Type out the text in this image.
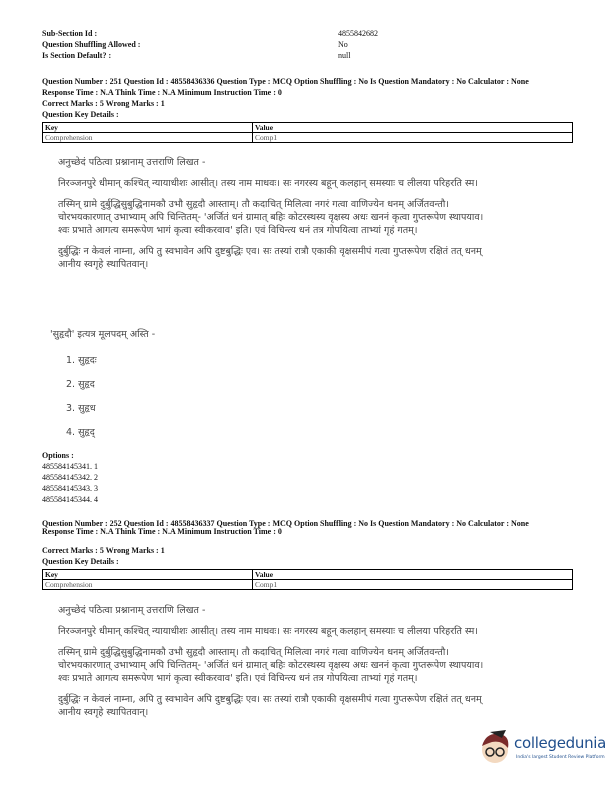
Sub-Section Id :	4855842682
Question Shuffling Allowed :	No
Is Section Default? :	null
Question Number : 251 Question Id : 48558436336 Question Type : MCQ Option Shuffling : No Is Question Mandatory : No Calculator : None
Response Time : N.A Think Time : N.A Minimum Instruction Time : 0
Correct Marks : 5 Wrong Marks : 1
Question Key Details :
Key	Value
Comprehension	Comp1

अनुच्छेदं पठित्वा प्रश्नानाम् उत्तराणि लिखत -

निरञ्जनपुरे धीमान् कश्चित् न्यायाधीशः आसीत्। तस्य नाम माधवः। सः नगरस्य बहून् कलहान् समस्याः च लीलया परिहरति स्म।

तस्मिन् ग्रामे दुर्बुद्धिसुबुद्धिनामकौ उभौ सुहृदौ आस्ताम्। तौ कदाचित् मिलित्वा नगरं गत्वा वाणिज्येन धनम् अर्जितवन्तौ। चोरभयकारणात् उभाभ्याम् अपि चिन्तितम्- 'अर्जितं धनं ग्रामात् बहिः कोटरस्थस्य वृक्षस्य अधः खननं कृत्वा गुप्तरूपेण स्थापयाव। श्वः प्रभाते आगत्य समरूपेण भागं कृत्वा स्वीकरवाव' इति। एवं विचिन्त्य धनं तत्र गोपयित्वा ताभ्यां गृहं गतम्।

दुर्बुद्धिः न केवलं नाम्ना, अपि तु स्वभावेन अपि दुष्टबुद्धिः एव। सः तस्यां रात्रौ एकाकी वृक्षसमीपं गत्वा गुप्तरूपेण रक्षितं तत् धनम् आनीय स्वगृहे स्थापितवान्।

'सुहृदौ' इत्यत्र मूलपदम् अस्ति -
1. सुहृदः
2. सुहृद
3. सुहृध
4. सुहृद्
Options :
485584145341. 1
485584145342. 2
485584145343. 3
485584145344. 4
Question Number : 252 Question Id : 48558436337 Question Type : MCQ Option Shuffling : No Is Question Mandatory : No Calculator : None
Response Time : N.A Think Time : N.A Minimum Instruction Time : 0
Correct Marks : 5 Wrong Marks : 1
Question Key Details :
Key	Value
Comprehension	Comp1

अनुच्छेदं पठित्वा प्रश्नानाम् उत्तराणि लिखत -

निरञ्जनपुरे धीमान् कश्चित् न्यायाधीशः आसीत्। तस्य नाम माधवः। सः नगरस्य बहून् कलहान् समस्याः च लीलया परिहरति स्म।

तस्मिन् ग्रामे दुर्बुद्धिसुबुद्धिनामकौ उभौ सुहृदौ आस्ताम्। तौ कदाचित् मिलित्वा नगरं गत्वा वाणिज्येन धनम् अर्जितवन्तौ। चोरभयकारणात् उभाभ्याम् अपि चिन्तितम्- 'अर्जितं धनं ग्रामात् बहिः कोटरस्थस्य वृक्षस्य अधः खननं कृत्वा गुप्तरूपेण स्थापयाव। श्वः प्रभाते आगत्य समरूपेण भागं कृत्वा स्वीकरवाव' इति। एवं विचिन्त्य धनं तत्र गोपयित्वा ताभ्यां गृहं गतम्।

दुर्बुद्धिः न केवलं नाम्ना, अपि तु स्वभावेन अपि दुष्टबुद्धिः एव। सः तस्यां रात्रौ एकाकी वृक्षसमीपं गत्वा गुप्तरूपेण रक्षितं तत् धनम् आनीय स्वगृहे स्थापितवान्।

collegedunia
India's largest Student Review Platform
